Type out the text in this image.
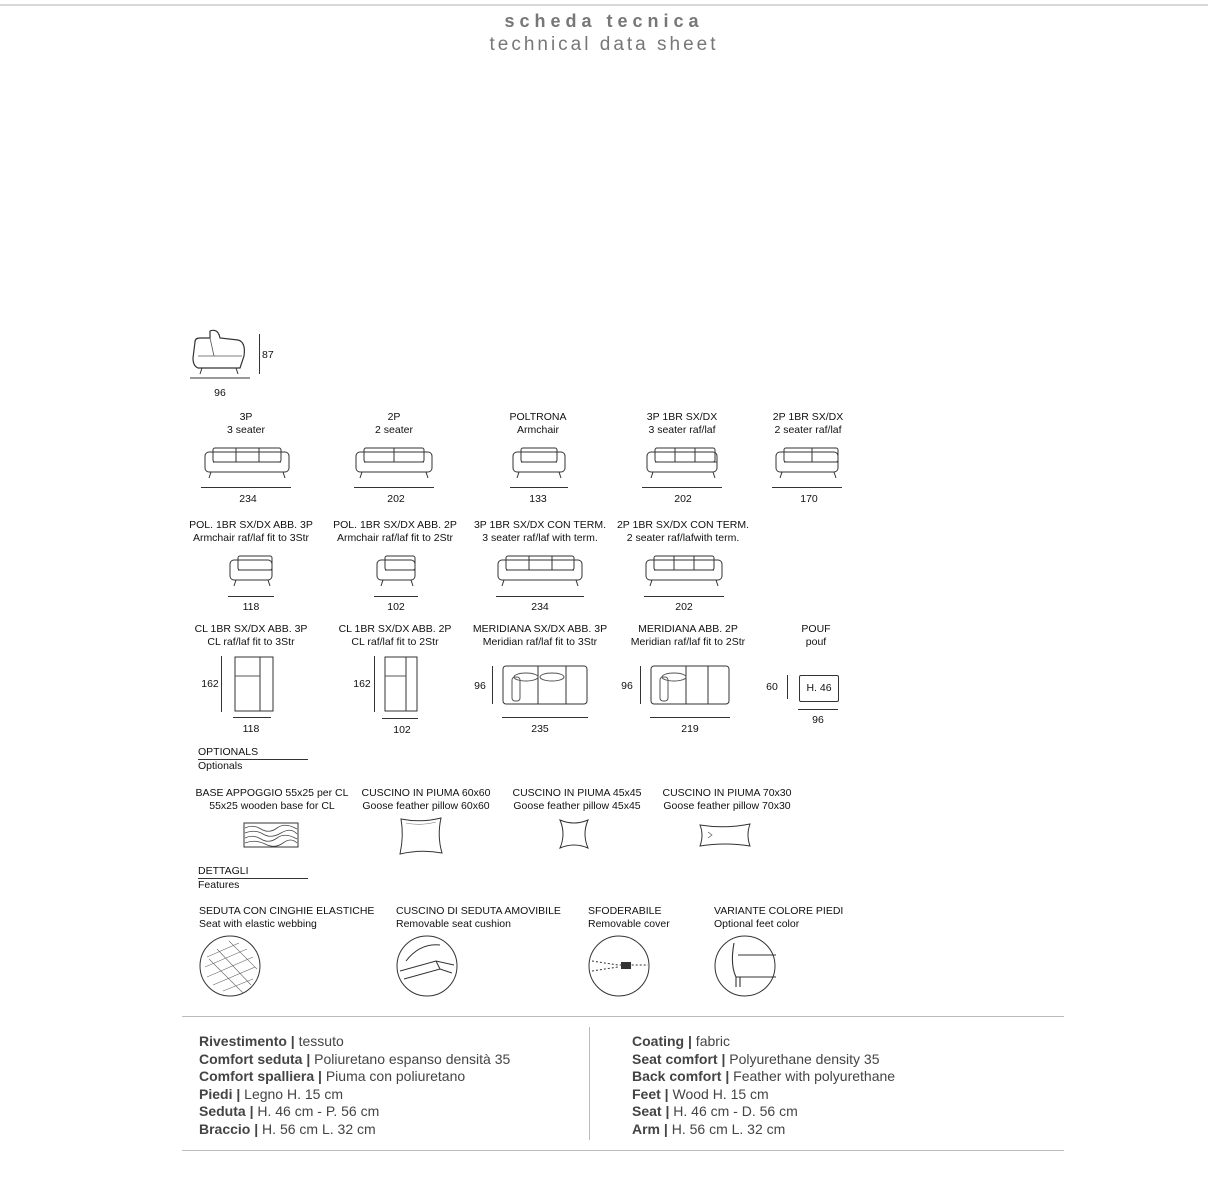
scheda tecnica
technical data sheet
87
96
3P
3 seater
234
2P
2 seater
202
POLTRONA
Armchair
133
3P 1BR SX/DX
3 seater raf/laf
202
2P 1BR SX/DX
2 seater raf/laf
170
POL. 1BR SX/DX ABB. 3P
Armchair raf/laf fit to 3Str
118
POL. 1BR SX/DX ABB. 2P
Armchair raf/laf fit to 2Str
102
3P 1BR SX/DX CON TERM.
3 seater raf/laf with term.
234
2P 1BR SX/DX CON TERM.
2 seater raf/lafwith term.
202
CL 1BR SX/DX ABB. 3P
CL raf/laf fit to 3Str
162
118
CL 1BR SX/DX ABB. 2P
CL raf/laf fit to 2Str
162
102
MERIDIANA SX/DX ABB. 3P
Meridian raf/laf fit to 3Str
96
235
MERIDIANA ABB. 2P
Meridian raf/laf fit to 2Str
96
219
POUF
pouf
60	H. 46
96
OPTIONALS
Optionals
BASE APPOGGIO 55x25 per CL
55x25 wooden base for CL
CUSCINO IN PIUMA 60x60
Goose feather pillow 60x60
CUSCINO IN PIUMA 45x45
Goose feather pillow 45x45
CUSCINO IN PIUMA 70x30
Goose feather pillow 70x30
DETTAGLI
Features
SEDUTA CON CINGHIE ELASTICHE
Seat with elastic webbing
CUSCINO DI SEDUTA AMOVIBILE
Removable seat cushion
SFODERABILE
Removable cover
VARIANTE COLORE PIEDI
Optional feet color
Rivestimento | tessuto
Comfort seduta | Poliuretano espanso densità 35
Comfort spalliera | Piuma con poliuretano
Piedi | Legno H. 15 cm
Seduta | H. 46 cm - P. 56 cm
Braccio | H. 56 cm L. 32 cm
Coating | fabric
Seat comfort | Polyurethane density 35
Back comfort | Feather with polyurethane
Feet | Wood H. 15 cm
Seat | H. 46 cm - D. 56 cm
Arm | H. 56 cm L. 32 cm
